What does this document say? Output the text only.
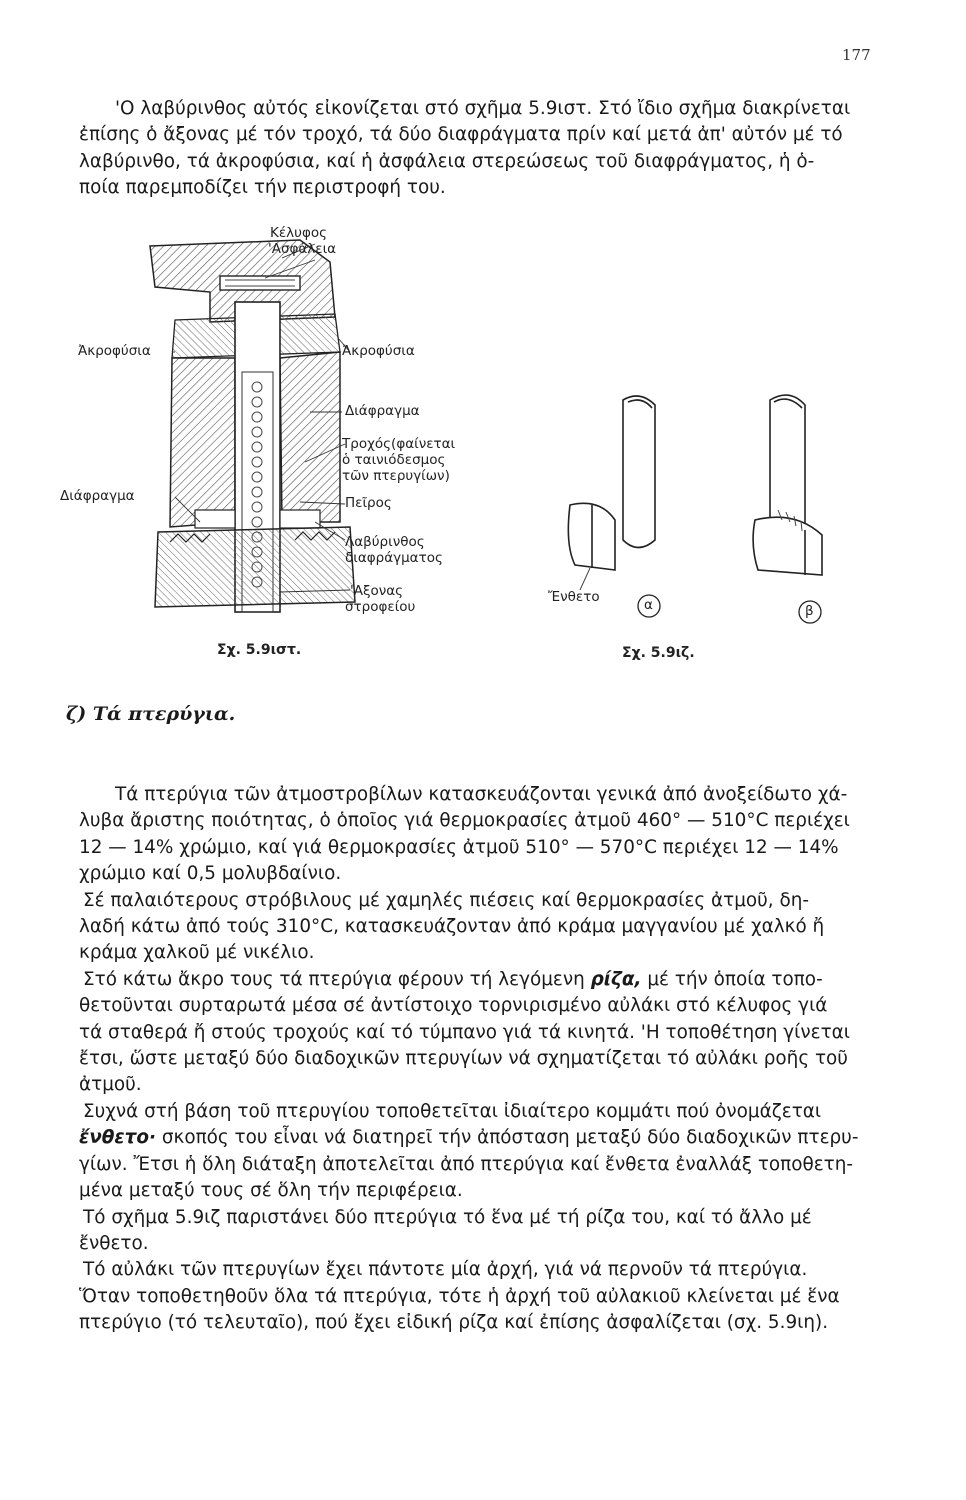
177

'Ο λαβύρινθος αὐτός εἰκονίζεται στό σχῆμα 5.9ιστ. Στό ἴδιο σχῆμα διακρίνεται
ἐπίσης ὁ ἄξονας μέ τόν τροχό, τά δύο διαφράγματα πρίν καί μετά ἀπ' αὐτόν μέ τό
λαβύρινθο, τά ἀκροφύσια, καί ἡ ἀσφάλεια στερεώσεως τοῦ διαφράγματος, ἡ ὁ-
ποία παρεμποδίζει τήν περιστροφή του.

Κέλυφος
'Ασφάλεια
Ἀκροφύσια	Ἀκροφύσια
Διάφραγμα
Τροχός(φαίνεται
ὁ ταινιόδεσμος
τῶν πτερυγίων)
Πεῖρος
Διάφραγμα
Λαβύρινθος
διαφράγματος
'Αξονας
στροφείου
Σχ. 5.9ιστ.
Ἔνθετο	α	β
Σχ. 5.9ιζ.
ζ) Τά πτερύγια.
Τά πτερύγια τῶν ἀτμοστροβίλων κατασκευάζονται γενικά ἀπό ἀνοξείδωτο χά-
λυβα ἄριστης ποιότητας, ὁ ὁποῖος γιά θερμοκρασίες ἀτμοῦ 460° — 510°C περιέχει
12 — 14% χρώμιο, καί γιά θερμοκρασίες ἀτμοῦ 510° — 570°C περιέχει 12 — 14%
χρώμιο καί 0,5 μολυβδαίνιο.
Σέ παλαιότερους στρόβιλους μέ χαμηλές πιέσεις καί θερμοκρασίες ἀτμοῦ, δη-
λαδή κάτω ἀπό τούς 310°C, κατασκευάζονταν ἀπό κράμα μαγγανίου μέ χαλκό ἤ
κράμα χαλκοῦ μέ νικέλιο.
Στό κάτω ἄκρο τους τά πτερύγια φέρουν τή λεγόμενη ρίζα, μέ τήν ὁποία τοπο-
θετοῦνται συρταρωτά μέσα σέ ἀντίστοιχο τορνιρισμένο αὐλάκι στό κέλυφος γιά
τά σταθερά ἤ στούς τροχούς καί τό τύμπανο γιά τά κινητά. 'Η τοποθέτηση γίνεται
ἔτσι, ὥστε μεταξύ δύο διαδοχικῶν πτερυγίων νά σχηματίζεται τό αὐλάκι ροῆς τοῦ
ἀτμοῦ.
Συχνά στή βάση τοῦ πτερυγίου τοποθετεῖται ἰδιαίτερο κομμάτι πού ὀνομάζεται
ἔνθετο· σκοπός του εἶναι νά διατηρεῖ τήν ἀπόσταση μεταξύ δύο διαδοχικῶν πτερυ-
γίων. Ἔτσι ἡ ὅλη διάταξη ἀποτελεῖται ἀπό πτερύγια καί ἔνθετα ἐναλλάξ τοποθετη-
μένα μεταξύ τους σέ ὅλη τήν περιφέρεια.
Τό σχῆμα 5.9ιζ παριστάνει δύο πτερύγια τό ἕνα μέ τή ρίζα του, καί τό ἄλλο μέ
ἔνθετο.
Τό αὐλάκι τῶν πτερυγίων ἔχει πάντοτε μία ἀρχή, γιά νά περνοῦν τά πτερύγια.
Ὅταν τοποθετηθοῦν ὅλα τά πτερύγια, τότε ἡ ἀρχή τοῦ αὐλακιοῦ κλείνεται μέ ἕνα
πτερύγιο (τό τελευταῖο), πού ἔχει εἰδική ρίζα καί ἐπίσης ἀσφαλίζεται (σχ. 5.9ιη).
